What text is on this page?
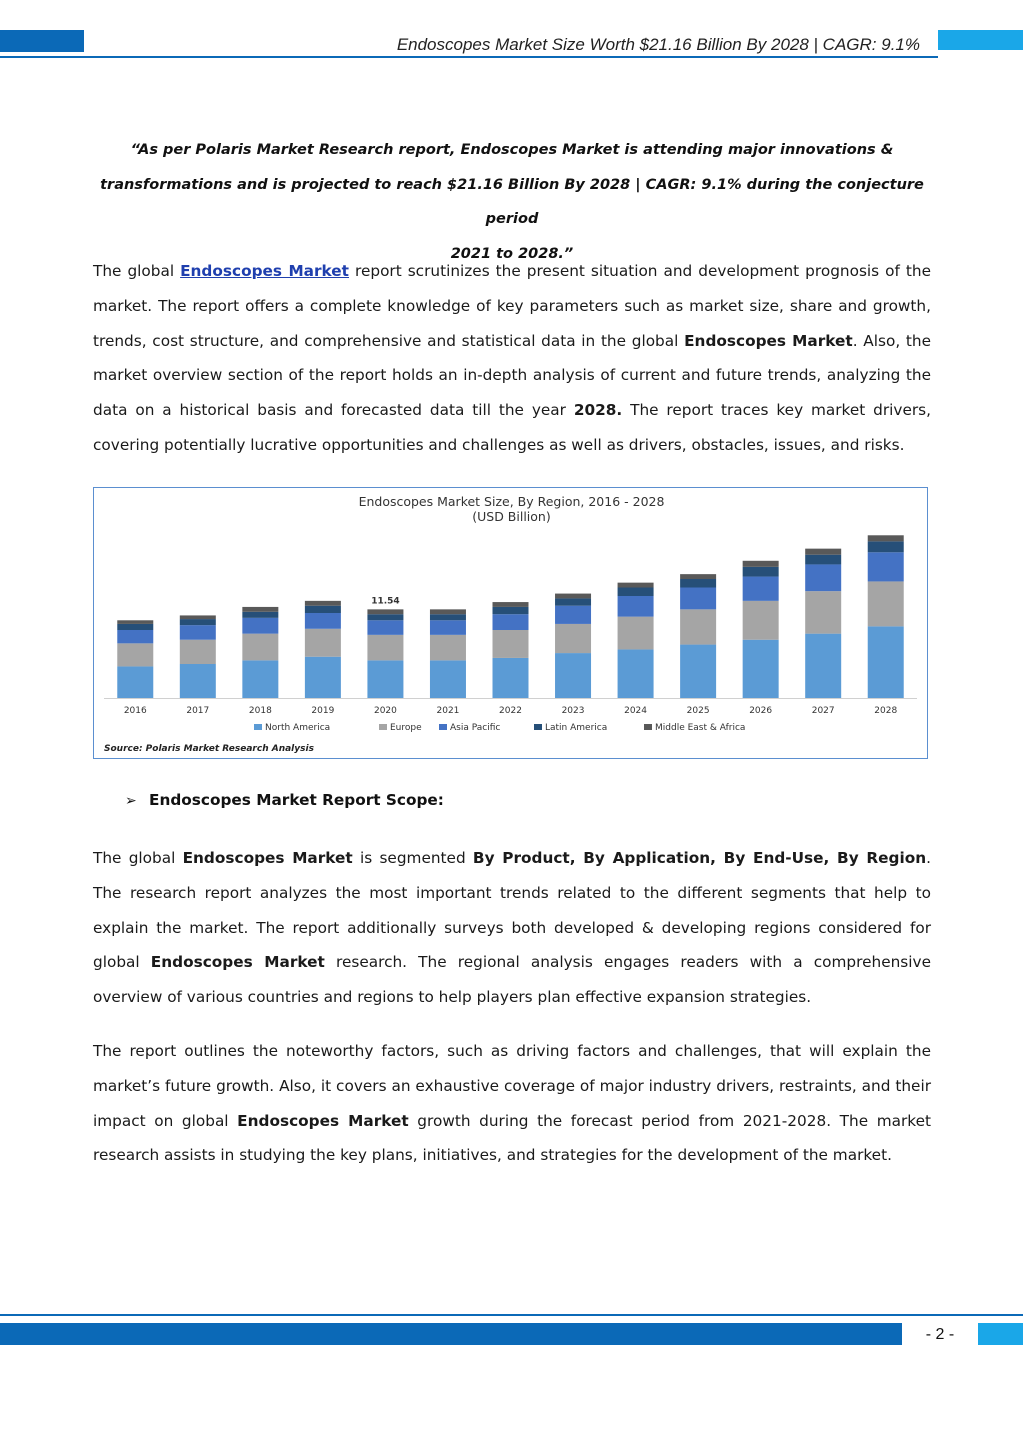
Endoscopes Market Size Worth $21.16 Billion By 2028 | CAGR: 9.1%
“As per Polaris Market Research report, Endoscopes Market is attending major innovations &
transformations and is projected to reach $21.16 Billion By 2028 | CAGR: 9.1% during the conjecture period
2021 to 2028.”
The global Endoscopes Market report scrutinizes the present situation and development prognosis of the market. The report offers a complete knowledge of key parameters such as market size, share and growth, trends, cost structure, and comprehensive and statistical data in the global Endoscopes Market. Also, the market overview section of the report holds an in-depth analysis of current and future trends, analyzing the data on a historical basis and forecasted data till the year 2028. The report traces key market drivers, covering potentially lucrative opportunities and challenges as well as drivers, obstacles, issues, and risks.
Endoscopes Market Size, By Region, 2016 - 2028
(USD Billion)
2016	2017	2018	2019	2020
11.54
2021	2022	2023	2024	2025	2026	2027	2028
North America	Europe	Asia Pacific	Latin America	Middle East & Africa
Source: Polaris Market Research Analysis
➢ Endoscopes Market Report Scope:
The global Endoscopes Market is segmented By Product, By Application, By End-Use, By Region. The research report analyzes the most important trends related to the different segments that help to explain the market. The report additionally surveys both developed & developing regions considered for global Endoscopes Market research. The regional analysis engages readers with a comprehensive overview of various countries and regions to help players plan effective expansion strategies.
The report outlines the noteworthy factors, such as driving factors and challenges, that will explain the market’s future growth. Also, it covers an exhaustive coverage of major industry drivers, restraints, and their impact on global Endoscopes Market growth during the forecast period from 2021-2028. The market research assists in studying the key plans, initiatives, and strategies for the development of the market.
- 2 -
